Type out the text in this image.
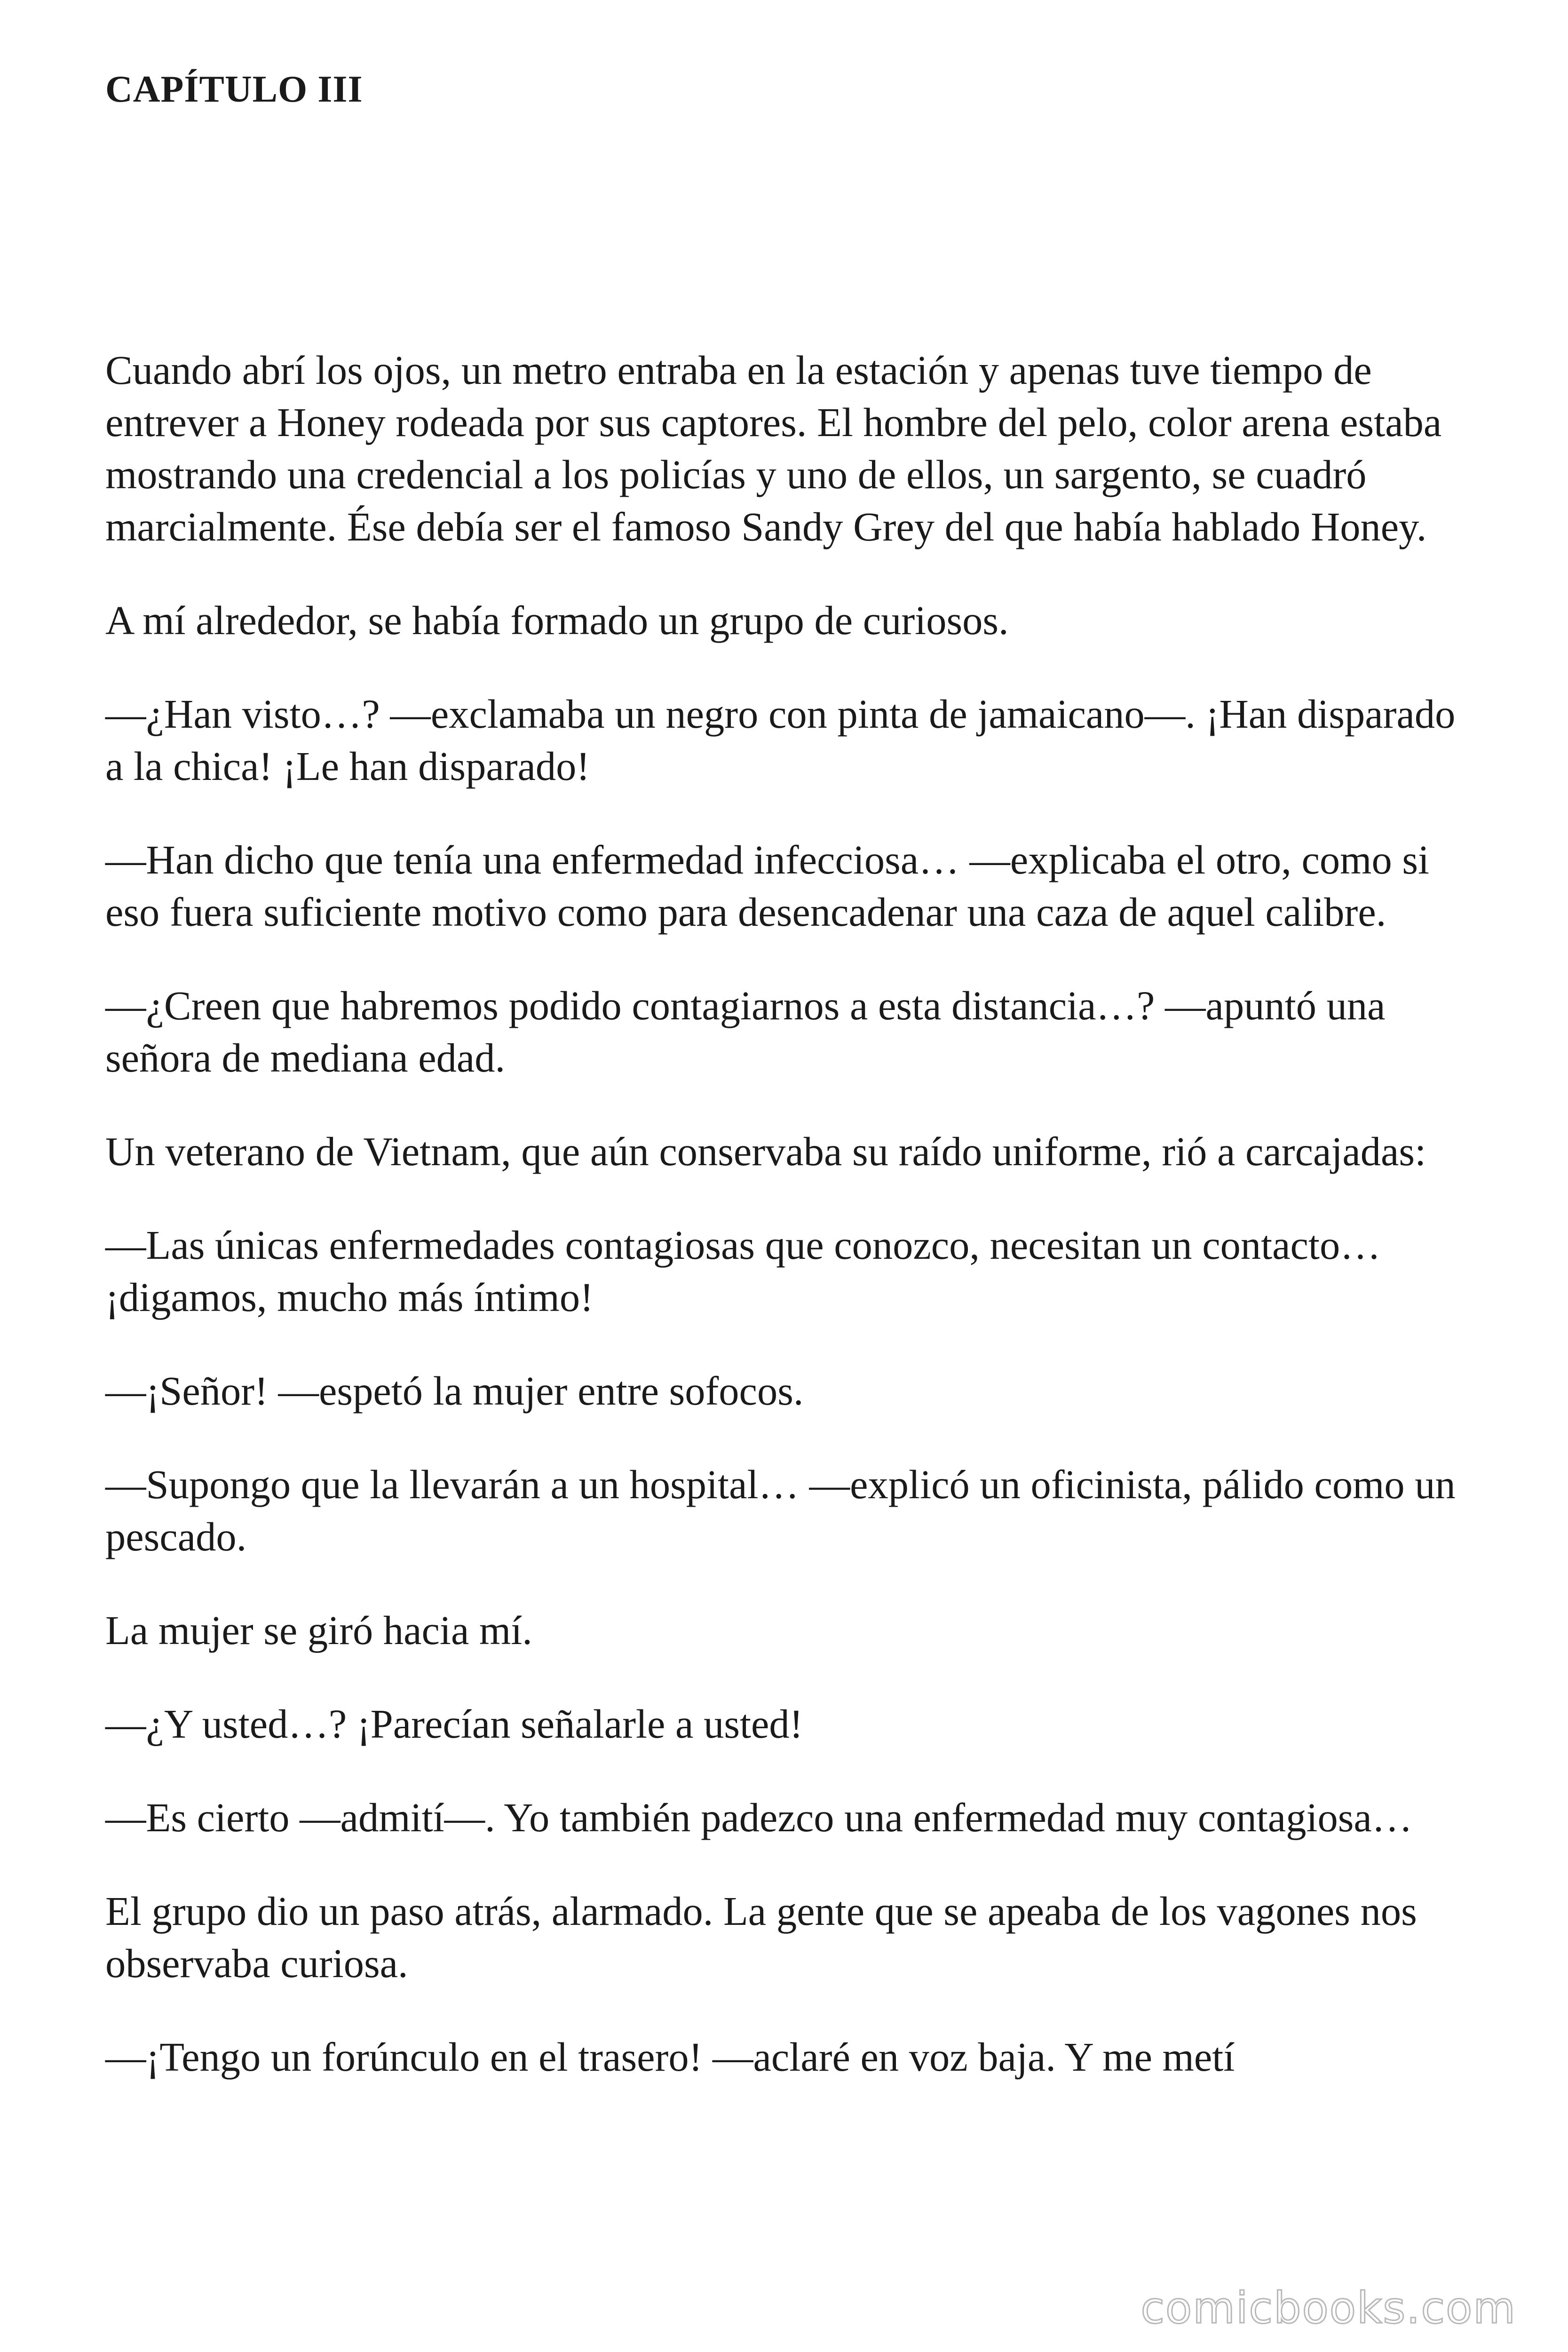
CAPÍTULO III

Cuando abrí los ojos, un metro entraba en la estación y apenas tuve tiempo de entrever a Honey rodeada por sus captores. El hombre del pelo, color arena estaba mostrando una credencial a los policías y uno de ellos, un sargento, se cuadró marcialmente. Ése debía ser el famoso Sandy Grey del que había hablado Honey.

A mí alrededor, se había formado un grupo de curiosos.

—¿Han visto…? —exclamaba un negro con pinta de jamaicano—. ¡Han disparado a la chica! ¡Le han disparado!

—Han dicho que tenía una enfermedad infecciosa… —explicaba el otro, como si eso fuera suficiente motivo como para desencadenar una caza de aquel calibre.

—¿Creen que habremos podido contagiarnos a esta distancia…? —apuntó una señora de mediana edad.

Un veterano de Vietnam, que aún conservaba su raído uniforme, rió a carcajadas:

—Las únicas enfermedades contagiosas que conozco, necesitan un contacto… ¡digamos, mucho más íntimo!

—¡Señor! —espetó la mujer entre sofocos.

—Supongo que la llevarán a un hospital… —explicó un oficinista, pálido como un pescado.

La mujer se giró hacia mí.

—¿Y usted…? ¡Parecían señalarle a usted!

—Es cierto —admití—. Yo también padezco una enfermedad muy contagiosa…

El grupo dio un paso atrás, alarmado. La gente que se apeaba de los vagones nos observaba curiosa.

—¡Tengo un forúnculo en el trasero! —aclaré en voz baja. Y me metí

comicbooks.com
